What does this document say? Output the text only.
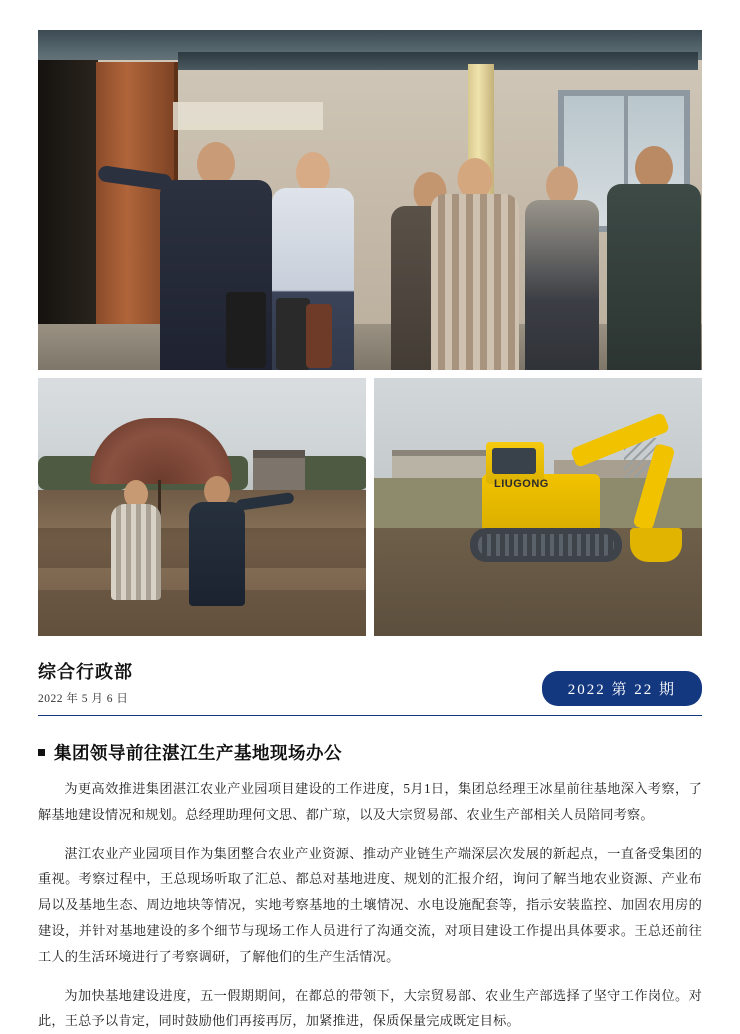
LIUGONG
综合行政部
2022 年 5 月 6 日
2022 第 22 期
集团领导前往湛江生产基地现场办公

为更高效推进集团湛江农业产业园项目建设的工作进度，5月1日，集团总经理王冰星前往基地深入考察，了解基地建设情况和规划。总经理助理何文思、都广琼，以及大宗贸易部、农业生产部相关人员陪同考察。

湛江农业产业园项目作为集团整合农业产业资源、推动产业链生产端深层次发展的新起点，一直备受集团的重视。考察过程中，王总现场听取了汇总、都总对基地进度、规划的汇报介绍，询问了解当地农业资源、产业布局以及基地生态、周边地块等情况，实地考察基地的土壤情况、水电设施配套等，指示安装监控、加固农用房的建设，并针对基地建设的多个细节与现场工作人员进行了沟通交流，对项目建设工作提出具体要求。王总还前往工人的生活环境进行了考察调研，了解他们的生产生活情况。

为加快基地建设进度，五一假期期间，在都总的带领下，大宗贸易部、农业生产部选择了坚守工作岗位。对此，王总予以肯定，同时鼓励他们再接再厉，加紧推进，保质保量完成既定目标。
